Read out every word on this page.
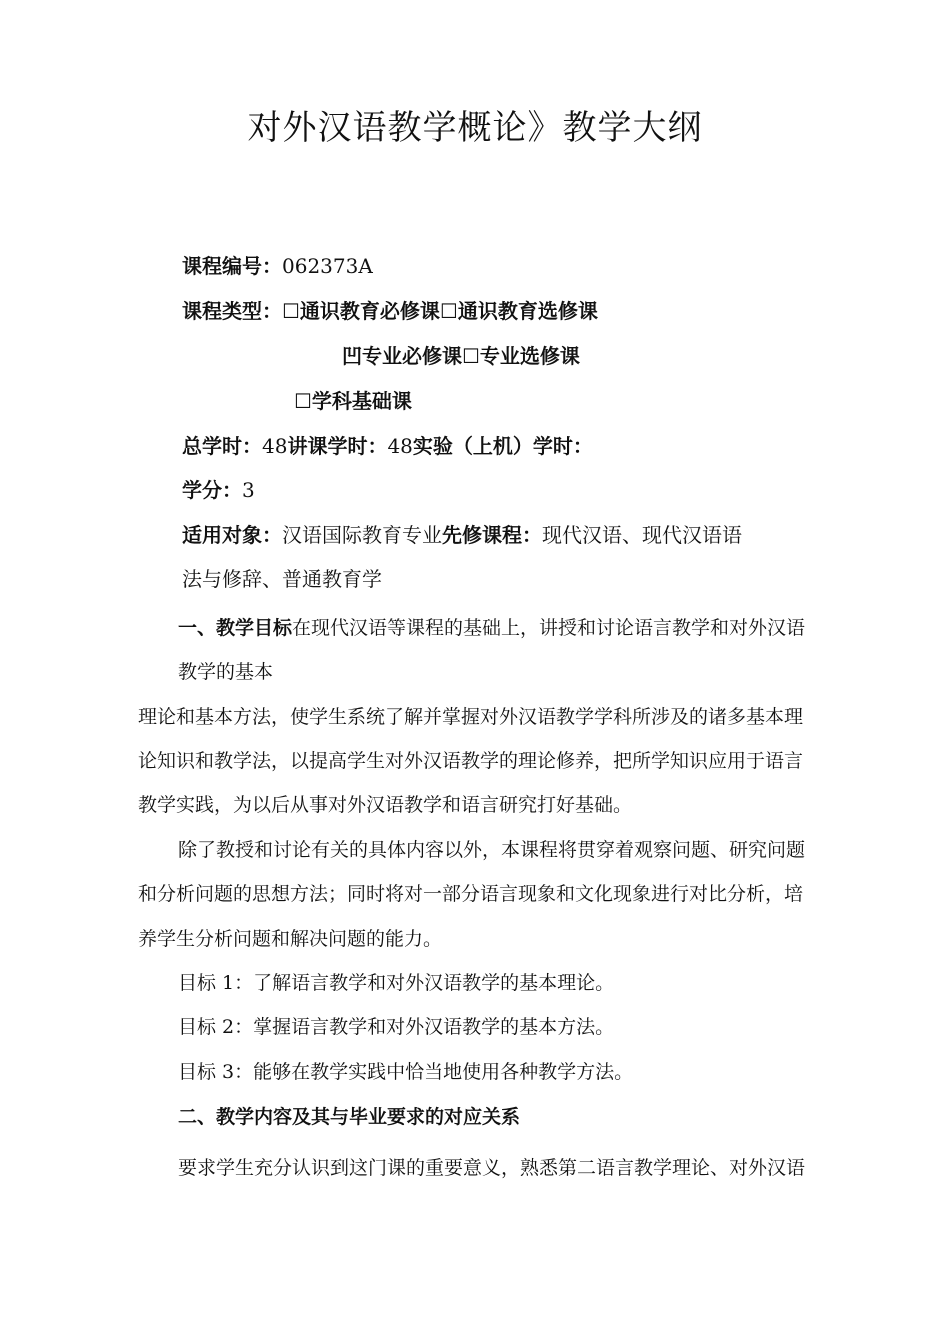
对外汉语教学概论》教学大纲
课程编号：062373A
课程类型：☐通识教育必修课☐通识教育选修课
凹专业必修课☐专业选修课
☐学科基础课
总学时：48讲课学时：48实验（上机）学时：
学分：3
适用对象：汉语国际教育专业先修课程：现代汉语、现代汉语语
法与修辞、普通教育学
一、教学目标在现代汉语等课程的基础上，讲授和讨论语言教学和对外汉语
教学的基本
理论和基本方法，使学生系统了解并掌握对外汉语教学学科所涉及的诸多基本理
论知识和教学法，以提高学生对外汉语教学的理论修养，把所学知识应用于语言
教学实践，为以后从事对外汉语教学和语言研究打好基础。
除了教授和讨论有关的具体内容以外，本课程将贯穿着观察问题、研究问题
和分析问题的思想方法；同时将对一部分语言现象和文化现象进行对比分析，培
养学生分析问题和解决问题的能力。
目标 1：了解语言教学和对外汉语教学的基本理论。
目标 2：掌握语言教学和对外汉语教学的基本方法。
目标 3：能够在教学实践中恰当地使用各种教学方法。
二、教学内容及其与毕业要求的对应关系
要求学生充分认识到这门课的重要意义，熟悉第二语言教学理论、对外汉语
